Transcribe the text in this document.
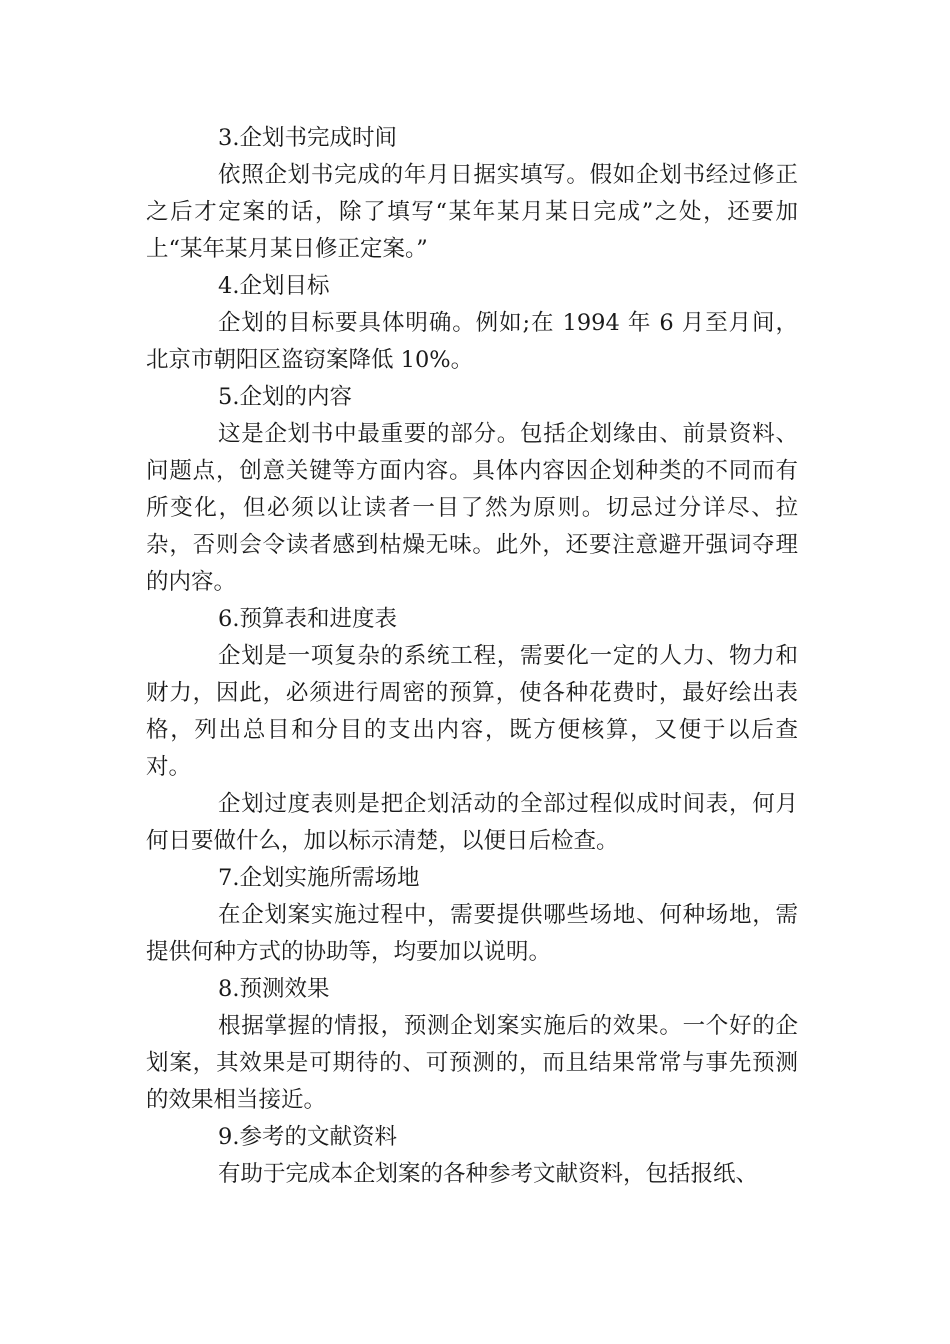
3.企划书完成时间

依照企划书完成的年月日据实填写。假如企划书经过修正之后才定案的话，除了填写“某年某月某日完成”之处，还要加上“某年某月某日修正定案。”

4.企划目标

企划的目标要具体明确。例如;在 1994 年 6 月至月间，北京市朝阳区盗窃案降低 10%。

5.企划的内容

这是企划书中最重要的部分。包括企划缘由、前景资料、问题点，创意关键等方面内容。具体内容因企划种类的不同而有所变化，但必须以让读者一目了然为原则。切忌过分详尽、拉杂，否则会令读者感到枯燥无味。此外，还要注意避开强词夺理的内容。

6.预算表和进度表

企划是一项复杂的系统工程，需要化一定的人力、物力和财力，因此，必须进行周密的预算，使各种花费时，最好绘出表格，列出总目和分目的支出内容，既方便核算，又便于以后查对。

企划过度表则是把企划活动的全部过程似成时间表，何月何日要做什么，加以标示清楚，以便日后检查。

7.企划实施所需场地

在企划案实施过程中，需要提供哪些场地、何种场地，需提供何种方式的协助等，均要加以说明。

8.预测效果

根据掌握的情报，预测企划案实施后的效果。一个好的企划案，其效果是可期待的、可预测的，而且结果常常与事先预测的效果相当接近。

9.参考的文献资料

有助于完成本企划案的各种参考文献资料，包括报纸、
